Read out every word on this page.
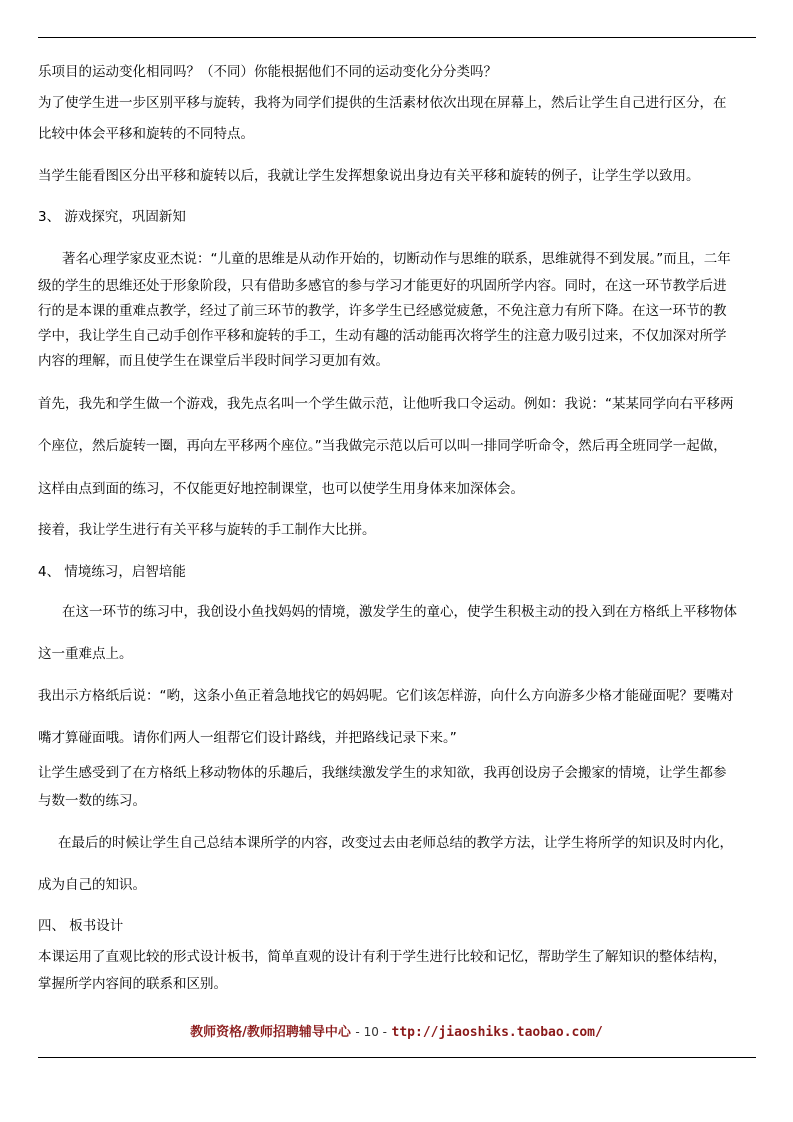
乐项目的运动变化相同吗？（不同）你能根据他们不同的运动变化分分类吗？
为了使学生进一步区别平移与旋转，我将为同学们提供的生活素材依次出现在屏幕上，然后让学生自己进行区分，在
比较中体会平移和旋转的不同特点。
当学生能看图区分出平移和旋转以后，我就让学生发挥想象说出身边有关平移和旋转的例子，让学生学以致用。
3、 游戏探究，巩固新知
著名心理学家皮亚杰说：“儿童的思维是从动作开始的，切断动作与思维的联系，思维就得不到发展。”而且，二年
级的学生的思维还处于形象阶段，只有借助多感官的参与学习才能更好的巩固所学内容。同时，在这一环节教学后进
行的是本课的重难点教学，经过了前三环节的教学，许多学生已经感觉疲惫，不免注意力有所下降。在这一环节的教
学中，我让学生自己动手创作平移和旋转的手工，生动有趣的活动能再次将学生的注意力吸引过来，不仅加深对所学
内容的理解，而且使学生在课堂后半段时间学习更加有效。
首先，我先和学生做一个游戏，我先点名叫一个学生做示范，让他听我口令运动。例如：我说：“某某同学向右平移两
个座位，然后旋转一圈，再向左平移两个座位。”当我做完示范以后可以叫一排同学听命令，然后再全班同学一起做，
这样由点到面的练习，不仅能更好地控制课堂，也可以使学生用身体来加深体会。
接着，我让学生进行有关平移与旋转的手工制作大比拼。
4、 情境练习，启智培能
在这一环节的练习中，我创设小鱼找妈妈的情境，激发学生的童心，使学生积极主动的投入到在方格纸上平移物体
这一重难点上。
我出示方格纸后说：“哟，这条小鱼正着急地找它的妈妈呢。它们该怎样游，向什么方向游多少格才能碰面呢？要嘴对
嘴才算碰面哦。请你们两人一组帮它们设计路线，并把路线记录下来。”
让学生感受到了在方格纸上移动物体的乐趣后，我继续激发学生的求知欲，我再创设房子会搬家的情境，让学生都参
与数一数的练习。
在最后的时候让学生自己总结本课所学的内容，改变过去由老师总结的教学方法，让学生将所学的知识及时内化，
成为自己的知识。
四、 板书设计
本课运用了直观比较的形式设计板书，简单直观的设计有利于学生进行比较和记忆，帮助学生了解知识的整体结构，
掌握所学内容间的联系和区别。
教师资格/教师招聘辅导中心 - 10 - ttp://jiaoshiks.taobao.com/
